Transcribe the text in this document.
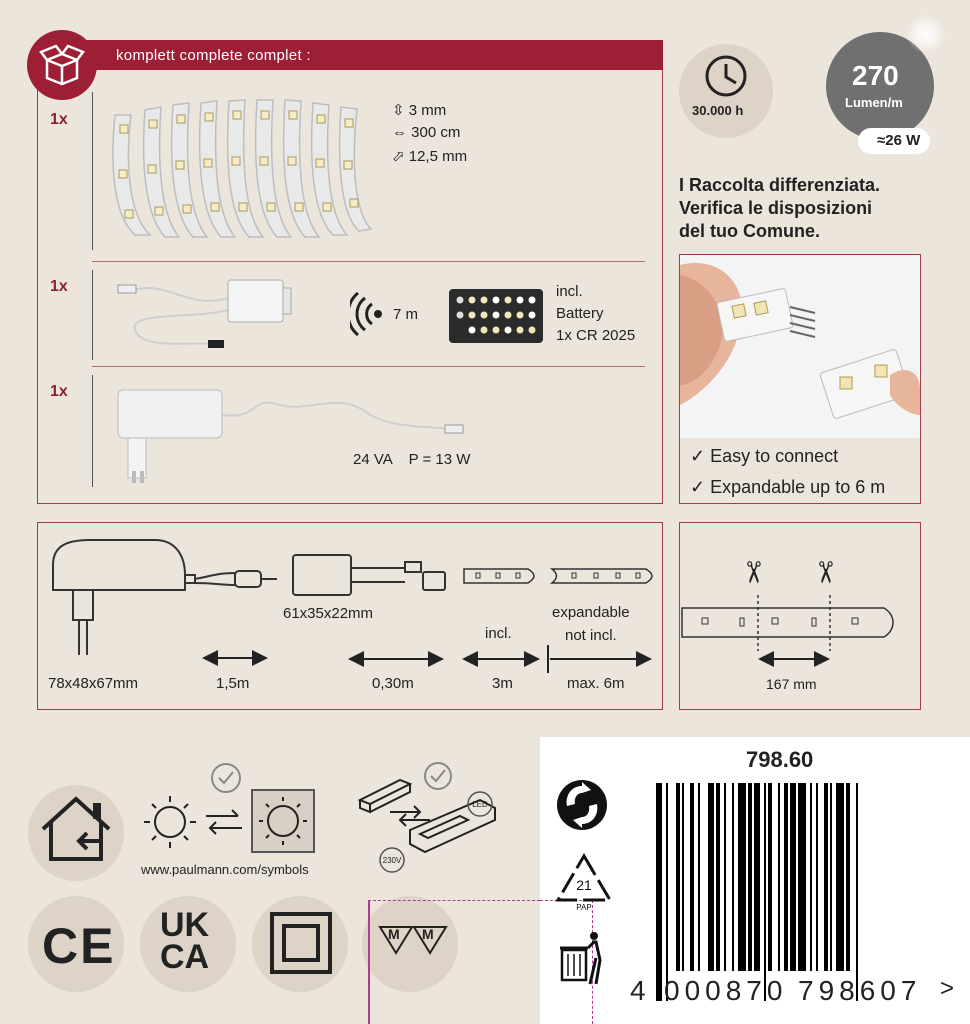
komplett complete complet :
1x
⇳ 3 mm
⇔ 300 cm
⬀ 12,5 mm
1x
7 m
incl.
Battery
1x CR 2025
1x
24 VA    P = 13 W
30.000 h
270
Lumen/m
≈26 W
I Raccolta differenziata.
Verifica le disposizioni
del tuo Comune.
✓ Easy to connect
✓ Expandable up to 6 m
61x35x22mm
incl.
expandable
not incl.
78x48x67mm	1,5m	0,30m	3m	max. 6m
✂ ✂
167 mm
www.paulmann.com/symbols
LED
230V
CE UK
CA
M M
798.60
21
PAP
4 000870 798607 >
